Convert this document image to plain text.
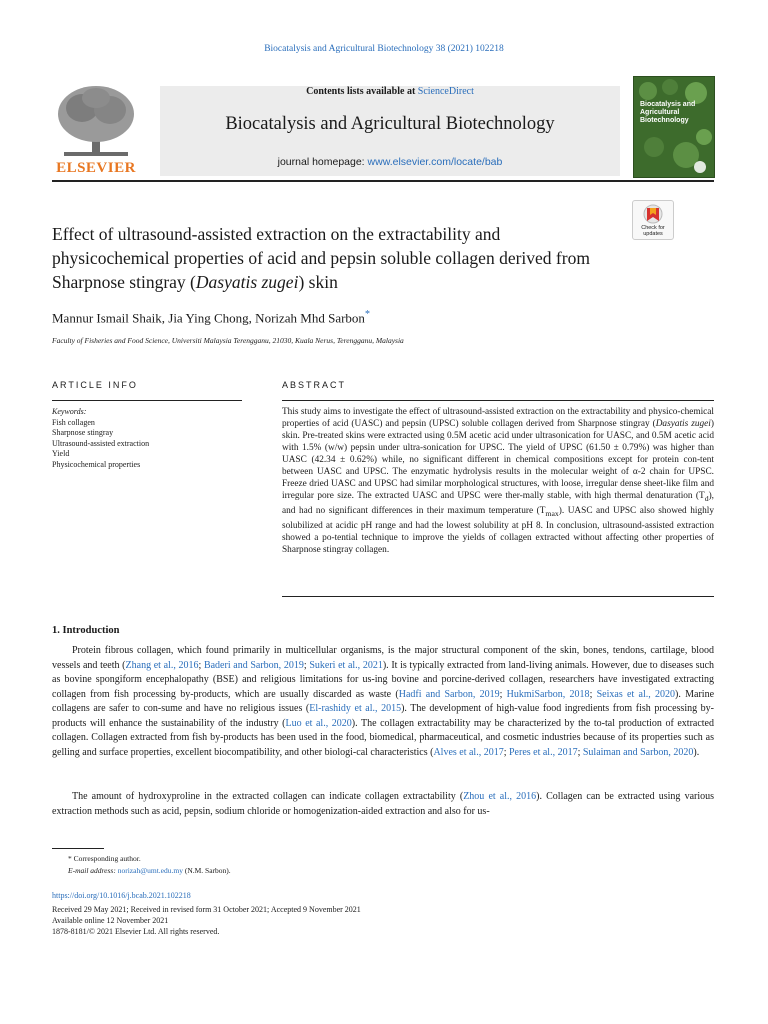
Biocatalysis and Agricultural Biotechnology 38 (2021) 102218
ELSEVIER
Contents lists available at ScienceDirect
Biocatalysis and Agricultural Biotechnology
journal homepage: www.elsevier.com/locate/bab
Biocatalysis and Agricultural Biotechnology
Effect of ultrasound-assisted extraction on the extractability and physicochemical properties of acid and pepsin soluble collagen derived from Sharpnose stingray (Dasyatis zugei) skin
Check for updates
Mannur Ismail Shaik, Jia Ying Chong, Norizah Mhd Sarbon*
Faculty of Fisheries and Food Science, Universiti Malaysia Terengganu, 21030, Kuala Nerus, Terengganu, Malaysia
ARTICLE INFO	ABSTRACT
Keywords:
Fish collagen
Sharpnose stingray
Ultrasound-assisted extraction
Yield
Physicochemical properties

This study aims to investigate the effect of ultrasound-assisted extraction on the extractability and physico-chemical properties of acid (UASC) and pepsin (UPSC) soluble collagen derived from Sharpnose stingray (Dasyatis zugei) skin. Pre-treated skins were extracted using 0.5M acetic acid under ultrasonication for UASC, and 0.5M acetic acid with 1.5% (w/w) pepsin under ultra-sonication for UPSC. The yield of UPSC (61.50 ± 0.79%) was higher than UASC (42.34 ± 0.62%) while, no significant different in chemical compositions except for protein con-tent between UASC and UPSC. The enzymatic hydrolysis results in the molecular weight of α-2 chain for UPSC. Freeze dried UASC and UPSC had similar morphological structures, with loose, irregular dense sheet-like film and irregular pore size. The extracted UASC and UPSC were ther-mally stable, with high thermal denaturation $(T_d)$, and had no significant differences in their maximum temperature $(T_{max})$. UASC and UPSC also showed highly solubilized at acidic pH range and had the lowest solubility at pH 8. In conclusion, ultrasound-assisted extraction showed a po-tential technique to improve the yields of collagen extracted without affecting other properties of Sharpnose stingray collagen.

1. Introduction

Protein fibrous collagen, which found primarily in multicellular organisms, is the major structural component of the skin, bones, tendons, cartilage, blood vessels and teeth (Zhang et al., 2016; Baderi and Sarbon, 2019; Sukeri et al., 2021). It is typically extracted from land-living animals. However, due to diseases such as bovine spongiform encephalopathy (BSE) and religious limitations for us-ing bovine and porcine-derived collagen, researchers have investigated extracting collagen from fish processing by-products, which are usually discarded as waste (Hadfi and Sarbon, 2019; HukmiSarbon, 2018; Seixas et al., 2020). Marine collagens are safer to con-sume and have no religious issues (El-rashidy et al., 2015). The development of high-value food ingredients from fish processing by-products will enhance the sustainability of the industry (Luo et al., 2020). The collagen extractability may be characterized by the to-tal production of extracted collagen. Collagen extracted from fish by-products has been used in the food, biomedical, pharmaceutical, and cosmetic industries because of its properties such as gelling and surface properties, excellent biocompatibility, and other biologi-cal characteristics (Alves et al., 2017; Peres et al., 2017; Sulaiman and Sarbon, 2020).

The amount of hydroxyproline in the extracted collagen can indicate collagen extractability (Zhou et al., 2016). Collagen can be extracted using various extraction methods such as acid, pepsin, sodium chloride or homogenization-aided extraction and also for us-

* Corresponding author.
E-mail address: norizah@umt.edu.my (N.M. Sarbon).
https://doi.org/10.1016/j.bcab.2021.102218
Received 29 May 2021; Received in revised form 31 October 2021; Accepted 9 November 2021
Available online 12 November 2021
1878-8181/© 2021 Elsevier Ltd. All rights reserved.
